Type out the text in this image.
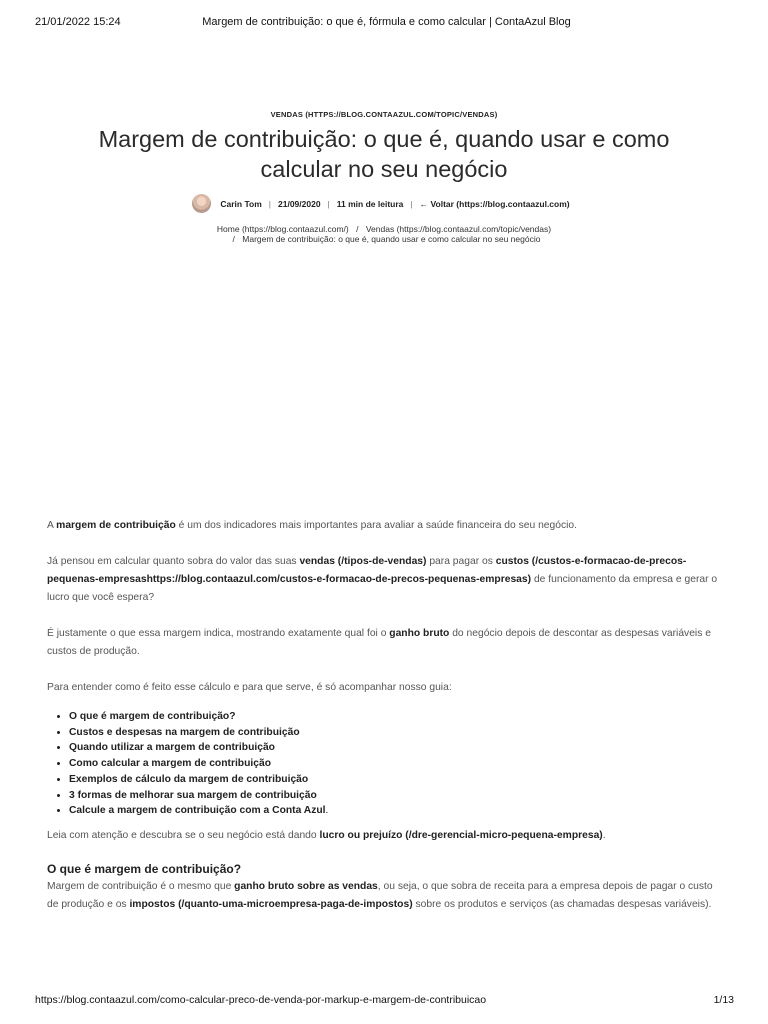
21/01/2022 15:24	Margem de contribuição: o que é, fórmula e como calcular | ContaAzul Blog
VENDAS (HTTPS://BLOG.CONTAAZUL.COM/TOPIC/VENDAS)
Margem de contribuição: o que é, quando usar e como calcular no seu negócio
Carin Tom | 21/09/2020 | 11 min de leitura | ← Voltar (https://blog.contaazul.com)
Home (https://blog.contaazul.com/) / Vendas (https://blog.contaazul.com/topic/vendas)
/ Margem de contribuição: o que é, quando usar e como calcular no seu negócio

A margem de contribuição é um dos indicadores mais importantes para avaliar a saúde financeira do seu negócio.

Já pensou em calcular quanto sobra do valor das suas vendas (/tipos-de-vendas) para pagar os custos (/custos-e-formacao-de-precos-pequenas-empresashttps://blog.contaazul.com/custos-e-formacao-de-precos-pequenas-empresas) de funcionamento da empresa e gerar o lucro que você espera?

É justamente o que essa margem indica, mostrando exatamente qual foi o ganho bruto do negócio depois de descontar as despesas variáveis e custos de produção.

Para entender como é feito esse cálculo e para que serve, é só acompanhar nosso guia:

• O que é margem de contribuição?
• Custos e despesas na margem de contribuição
• Quando utilizar a margem de contribuição
• Como calcular a margem de contribuição
• Exemplos de cálculo da margem de contribuição
• 3 formas de melhorar sua margem de contribuição
• Calcule a margem de contribuição com a Conta Azul.

Leia com atenção e descubra se o seu negócio está dando lucro ou prejuízo (/dre-gerencial-micro-pequena-empresa).

O que é margem de contribuição?

Margem de contribuição é o mesmo que ganho bruto sobre as vendas, ou seja, o que sobra de receita para a empresa depois de pagar o custo de produção e os impostos (/quanto-uma-microempresa-paga-de-impostos) sobre os produtos e serviços (as chamadas despesas variáveis).

https://blog.contaazul.com/como-calcular-preco-de-venda-por-markup-e-margem-de-contribuicao	1/13
